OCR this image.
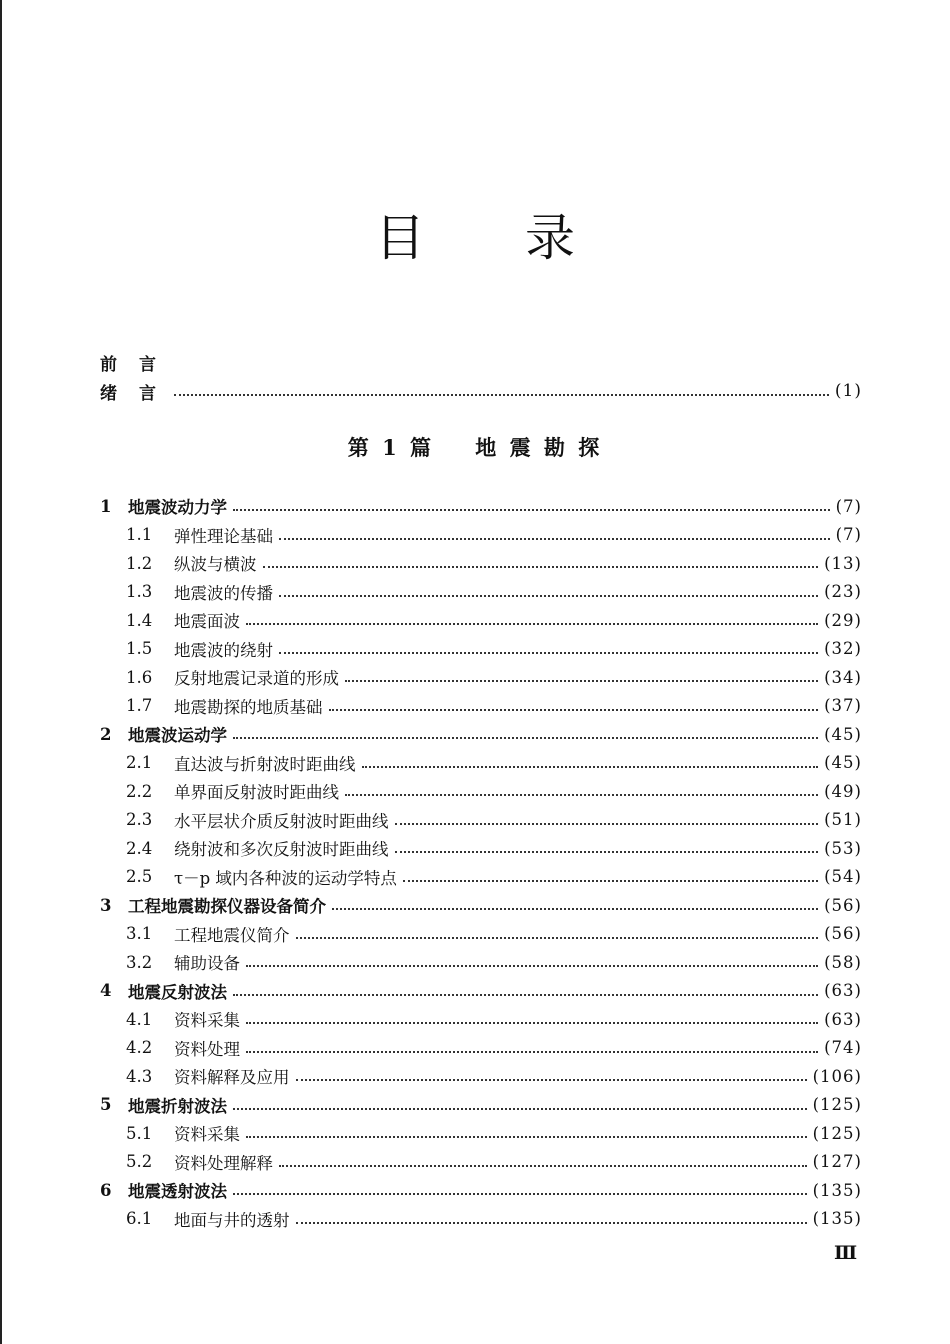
目录
前言
绪言	(1)
第 1 篇    地 震 勘 探
1	地震波动力学	(7)
1.1	弹性理论基础	(7)
1.2	纵波与横波	(13)
1.3	地震波的传播	(23)
1.4	地震面波	(29)
1.5	地震波的绕射	(32)
1.6	反射地震记录道的形成	(34)
1.7	地震勘探的地质基础	(37)
2	地震波运动学	(45)
2.1	直达波与折射波时距曲线	(45)
2.2	单界面反射波时距曲线	(49)
2.3	水平层状介质反射波时距曲线	(51)
2.4	绕射波和多次反射波时距曲线	(53)
2.5	τ－p 域内各种波的运动学特点	(54)
3	工程地震勘探仪器设备简介	(56)
3.1	工程地震仪简介	(56)
3.2	辅助设备	(58)
4	地震反射波法	(63)
4.1	资料采集	(63)
4.2	资料处理	(74)
4.3	资料解释及应用	(106)
5	地震折射波法	(125)
5.1	资料采集	(125)
5.2	资料处理解释	(127)
6	地震透射波法	(135)
6.1	地面与井的透射	(135)
Ⅲ
